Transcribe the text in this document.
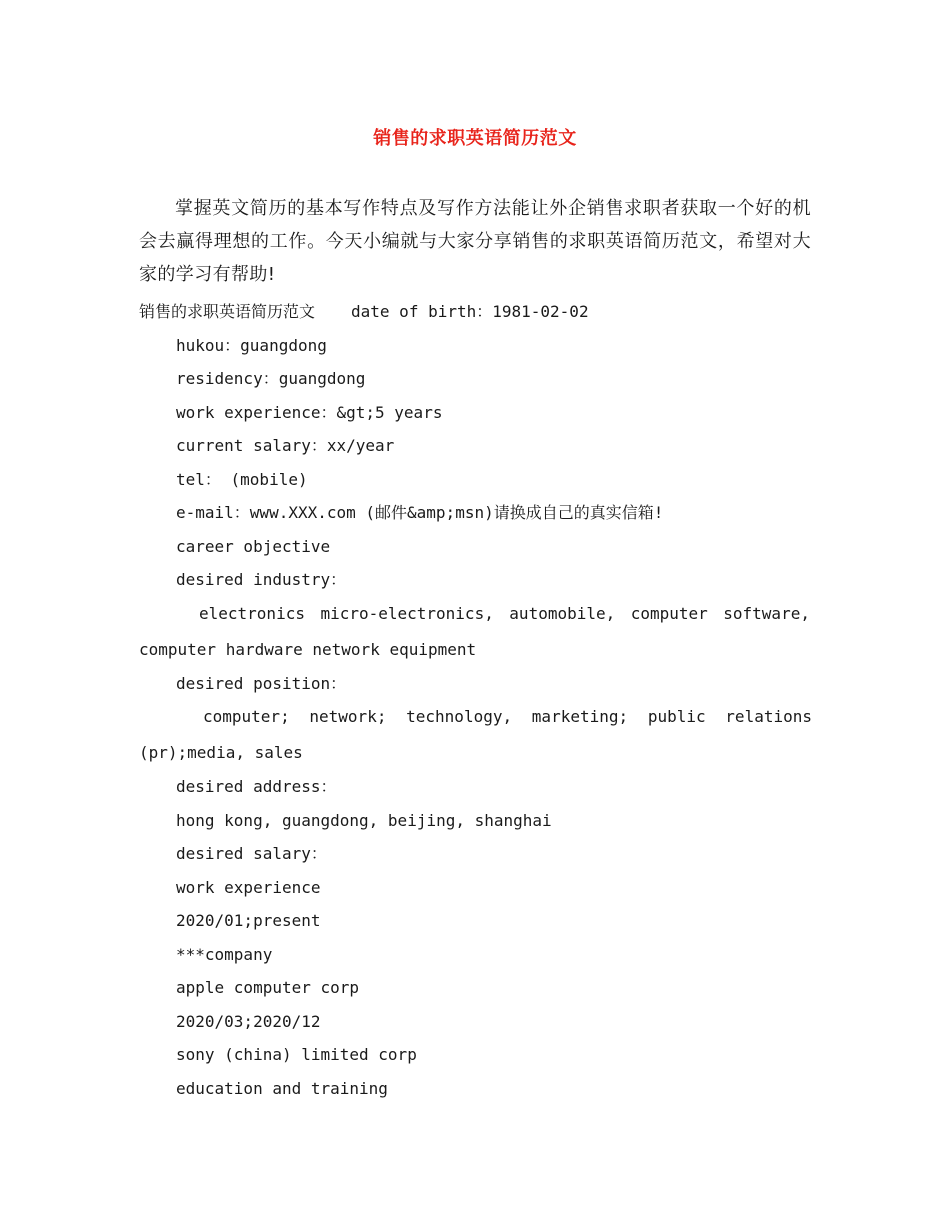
销售的求职英语简历范文
掌握英文简历的基本写作特点及写作方法能让外企销售求职者获取一个好的机会去赢得理想的工作。今天小编就与大家分享销售的求职英语简历范文，希望对大家的学习有帮助!
销售的求职英语简历范文 date of birth：1981-02-02
hukou：guangdong
residency：guangdong
work experience：&gt;5 years
current salary：xx/year
tel： (mobile)
e-mail：www.XXX.com (邮件&amp;msn)请换成自己的真实信箱!
career objective
desired industry：
electronics micro-electronics, automobile, computer software,
computer hardware network equipment
desired position：
computer; network; technology, marketing; public relations
(pr);media, sales
desired address：
hong kong, guangdong, beijing, shanghai
desired salary：
work experience
2020/01;present
***company
apple computer corp
2020/03;2020/12
sony (china) limited corp
education and training
